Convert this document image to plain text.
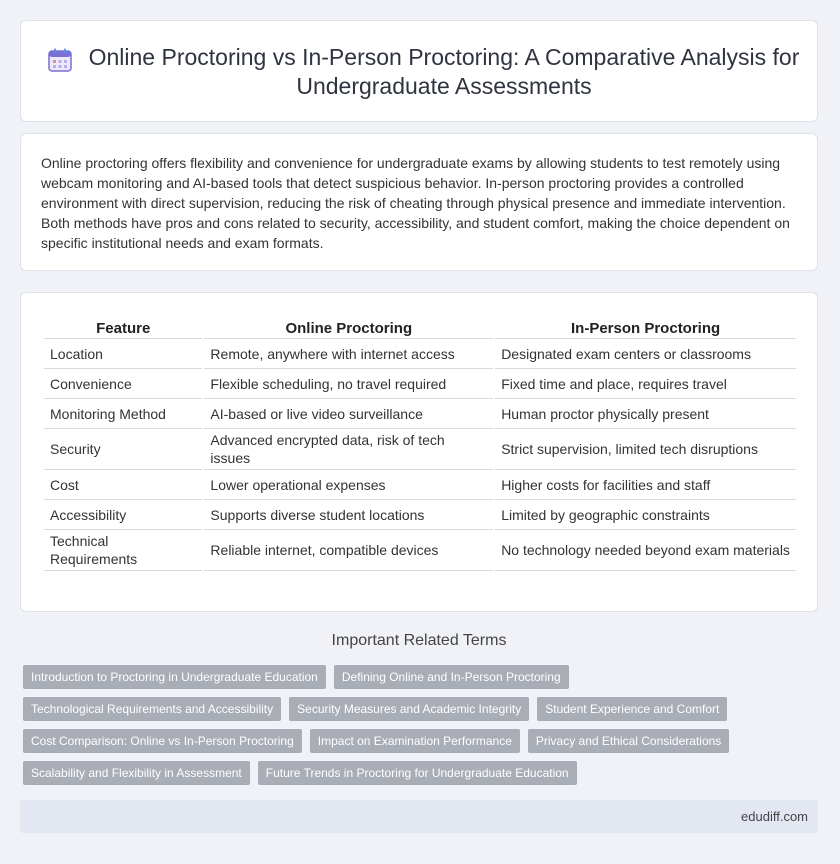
Online Proctoring vs In-Person Proctoring: A Comparative Analysis for Undergraduate Assessments

Online proctoring offers flexibility and convenience for undergraduate exams by allowing students to test remotely using webcam monitoring and AI-based tools that detect suspicious behavior. In-person proctoring provides a controlled environment with direct supervision, reducing the risk of cheating through physical presence and immediate intervention. Both methods have pros and cons related to security, accessibility, and student comfort, making the choice dependent on specific institutional needs and exam formats.

Feature	Online Proctoring	In-Person Proctoring
Location	Remote, anywhere with internet access	Designated exam centers or classrooms
Convenience	Flexible scheduling, no travel required	Fixed time and place, requires travel
Monitoring Method	AI-based or live video surveillance	Human proctor physically present
Security	Advanced encrypted data, risk of tech issues	Strict supervision, limited tech disruptions
Cost	Lower operational expenses	Higher costs for facilities and staff
Accessibility	Supports diverse student locations	Limited by geographic constraints
Technical Requirements	Reliable internet, compatible devices	No technology needed beyond exam materials
Important Related Terms
Introduction to Proctoring in Undergraduate Education	Defining Online and In-Person Proctoring
Technological Requirements and Accessibility	Security Measures and Academic Integrity	Student Experience and Comfort
Cost Comparison: Online vs In-Person Proctoring	Impact on Examination Performance	Privacy and Ethical Considerations
Scalability and Flexibility in Assessment	Future Trends in Proctoring for Undergraduate Education
edudiff.com
